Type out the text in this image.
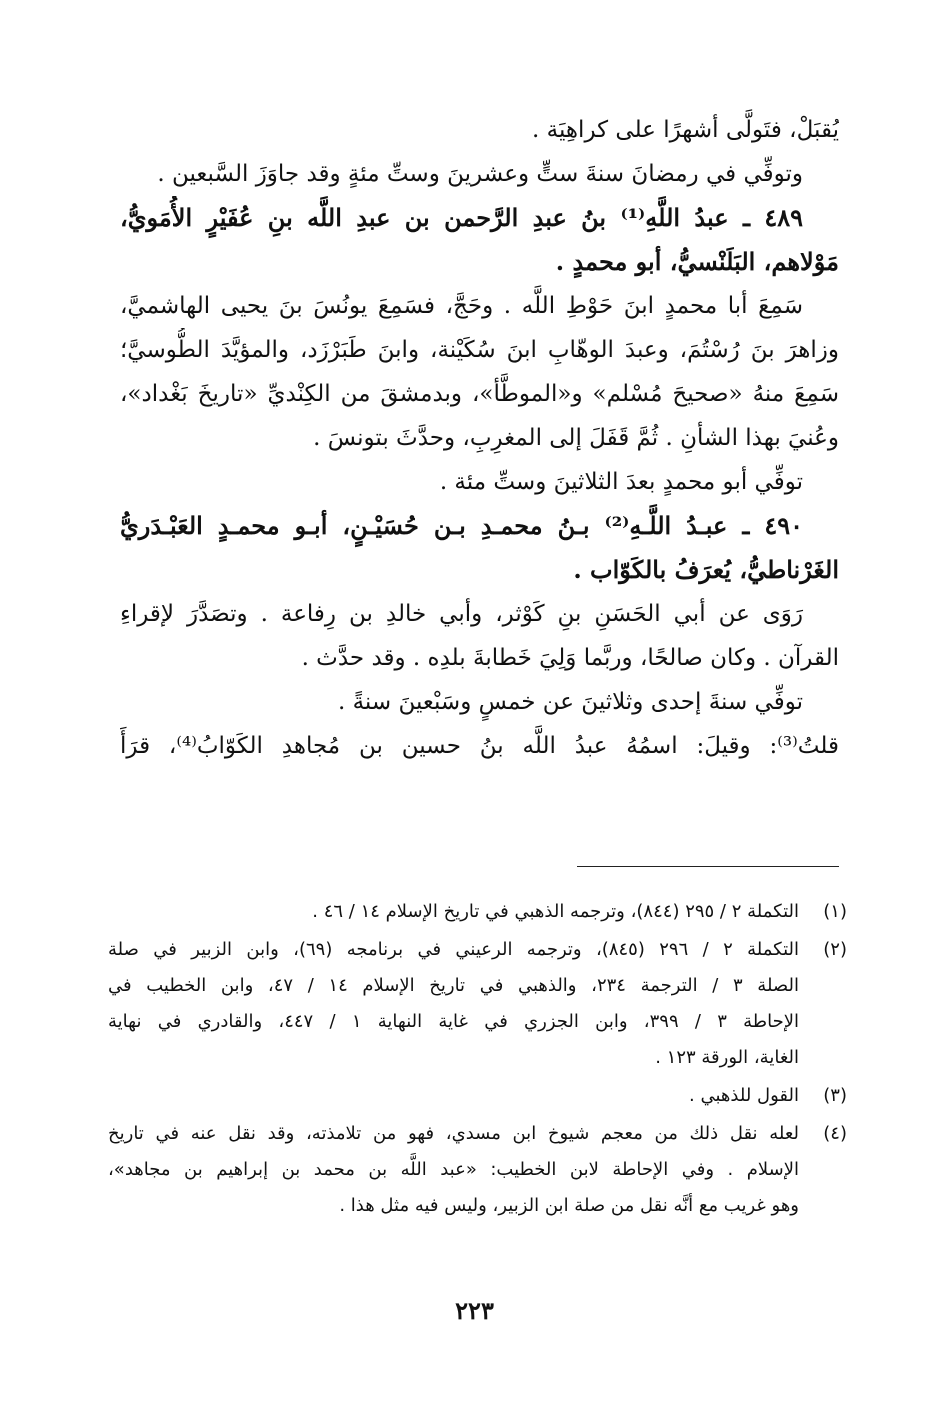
يُقبَلْ، فتَولَّى أشهرًا على كراهِيَة .
وتوفِّي في رمضانَ سنةَ ستٍّ وعشرينَ وستِّ مئةٍ وقد جاوَزَ السَّبعين .
٤٨٩ ـ عبدُ اللَّهِ⁽¹⁾ بنُ عبدِ الرَّحمن بن عبدِ اللَّه بنِ عُفَيْرٍ الأُمَويُّ،
مَوْلاهم، البَلَنْسيُّ، أبو محمدٍ .
سَمِعَ أبا محمدٍ ابنَ حَوْطِ اللَّه . وحَجَّ، فسَمِعَ يونُسَ بنَ يحيى الهاشميَّ،
وزاهرَ بنَ رُسْتُمَ، وعبدَ الوهّابِ ابنَ سُكَيْنة، وابنَ طَبَرْزَد، والمؤيَّدَ الطُّوسيَّ؛
سَمِعَ منهُ «صحيحَ مُسْلم» و«الموطَّأ»، وبدمشقَ من الكِنْديِّ «تاريخَ بَغْداد»،
وعُنيَ بهذا الشأنِ . ثُمَّ قَفَلَ إلى المغرِبِ، وحدَّثَ بتونسَ .
توفِّي أبو محمدٍ بعدَ الثلاثينَ وستِّ مئة .
٤٩٠ ـ عبـدُ اللَّـهِ⁽²⁾ بـنُ محمـدِ بـن حُسَيْـنٍ، أبـو محمـدٍ العَبْـدَريُّ
الغَرْناطيُّ، يُعرَفُ بالكَوّاب .
رَوَى عن أبي الحَسَنِ بنِ كَوْثر، وأبي خالدِ بن رِفاعة . وتصَدَّرَ لإقراءِ
القرآن . وكان صالحًا، وربَّما وَلِيَ خَطابةَ بلدِه . وقد حدَّث .
توفِّي سنةَ إحدى وثلاثينَ عن خمسٍ وسَبْعينَ سنةً .
قلتُ⁽³⁾: وقيلَ: اسمُهُ عبدُ اللَّه بنُ حسين بن مُجاهدِ الكَوّابُ⁽⁴⁾، قرَأَ
(١)
التكملة ٢ / ٢٩٥ (٨٤٤)، وترجمه الذهبي في تاريخ الإسلام ١٤ / ٤٦ .
(٢)
التكملة ٢ / ٢٩٦ (٨٤٥)، وترجمه الرعيني في برنامجه (٦٩)، وابن الزبير في صلة
الصلة ٣ / الترجمة ٢٣٤، والذهبي في تاريخ الإسلام ١٤ / ٤٧، وابن الخطيب في
الإحاطة ٣ / ٣٩٩، وابن الجزري في غاية النهاية ١ / ٤٤٧، والقادري في نهاية
الغاية، الورقة ١٢٣ .
(٣)
القول للذهبي .
(٤)
لعله نقل ذلك من معجم شيوخ ابن مسدي، فهو من تلامذته، وقد نقل عنه في تاريخ
الإسلام . وفي الإحاطة لابن الخطيب: «عبد اللَّه بن محمد بن إبراهيم بن مجاهد»،
وهو غريب مع أنَّه نقل من صلة ابن الزبير، وليس فيه مثل هذا .
٢٢٣
